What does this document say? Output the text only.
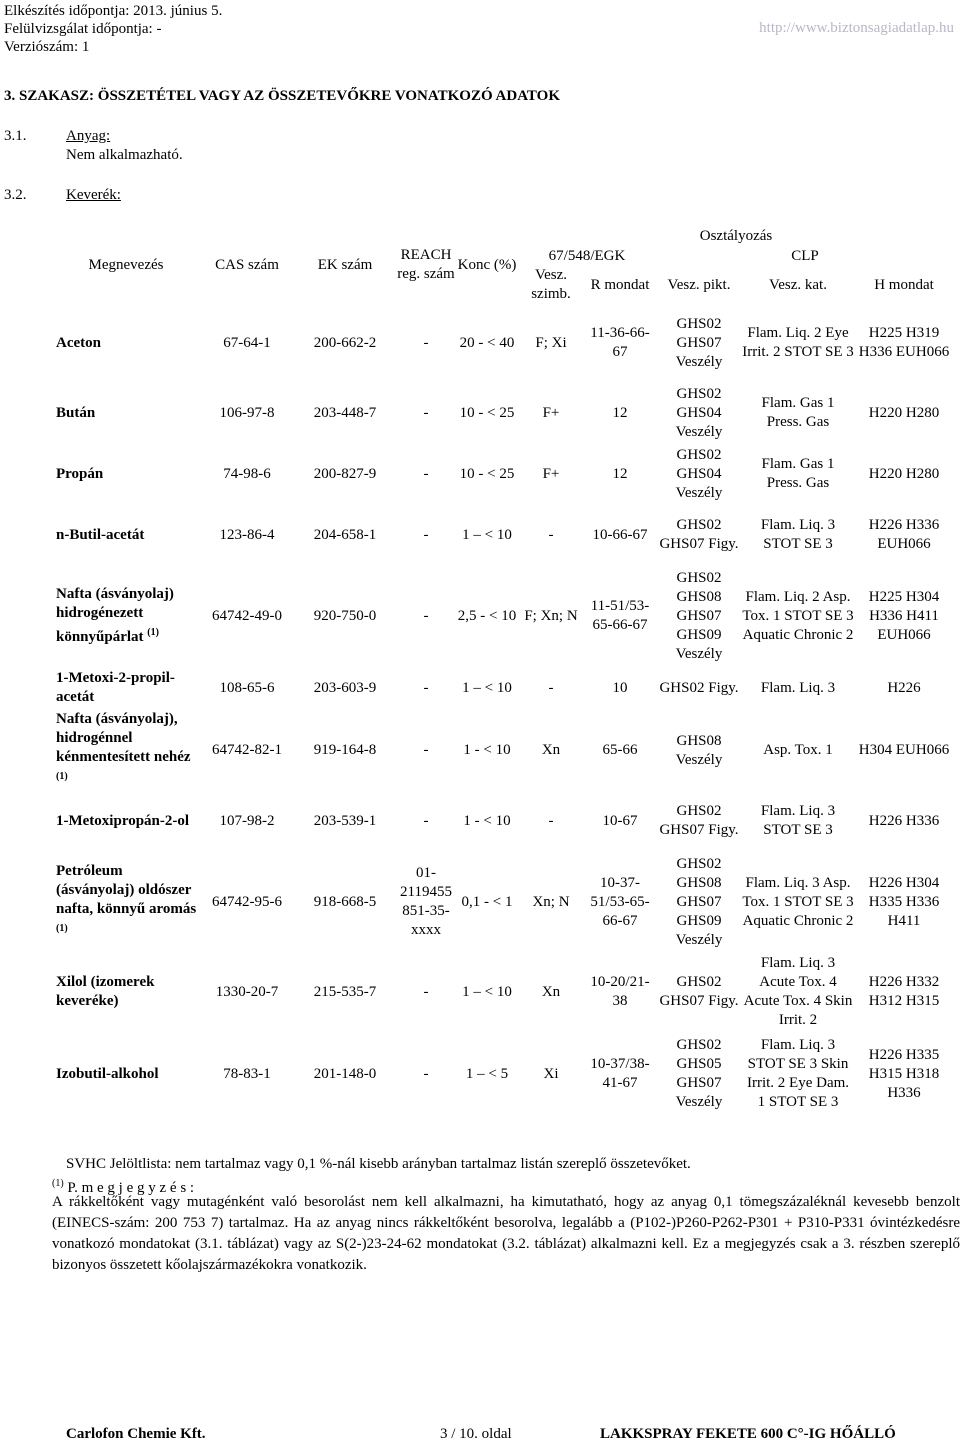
Elkészítés időpontja: 2013. június 5.
Felülvizsgálat időpontja: -
Verziószám: 1
http://www.biztonsagiadatlap.hu
3. SZAKASZ: ÖSSZETÉTEL VAGY AZ ÖSSZETEVŐKRE VONATKOZÓ ADATOK
3.1.	Anyag:
Nem alkalmazható.
3.2.	Keverék:
Megnevezés	CAS szám	EK szám	REACH reg. szám	Konc (%)	Osztályozás				
					67/548/EGK		CLP		
					Vesz. szimb.	R mondat	Vesz. pikt.	Vesz. kat.	H mondat
Aceton	67-64-1	200-662-2	-	20 - < 40	F; Xi	11-36-66-67	GHS02 GHS07 Veszély	Flam. Liq. 2 Eye Irrit. 2 STOT SE 3	H225 H319 H336 EUH066
Bután	106-97-8	203-448-7	-	10 - < 25	F+	12	GHS02 GHS04 Veszély	Flam. Gas 1 Press. Gas	H220 H280
Propán	74-98-6	200-827-9	-	10 - < 25	F+	12	GHS02 GHS04 Veszély	Flam. Gas 1 Press. Gas	H220 H280
n-Butil-acetát	123-86-4	204-658-1	-	1 – < 10	-	10-66-67	GHS02 GHS07 Figy.	Flam. Liq. 3 STOT SE 3	H226 H336 EUH066
Nafta (ásványolaj) hidrogénezett könnyűpárlat $^{(1)}$	64742-49-0	920-750-0	-	2,5 - < 10	F; Xn; N	11-51/53-65-66-67	GHS02 GHS08 GHS07 GHS09 Veszély	Flam. Liq. 2 Asp. Tox. 1 STOT SE 3 Aquatic Chronic 2	H225 H304 H336 H411 EUH066
1-Metoxi-2-propil-acetát	108-65-6	203-603-9	-	1 – < 10	-	10	GHS02 Figy.	Flam. Liq. 3	H226
Nafta (ásványolaj), hidrogénnel kénmentesített nehéz $^{(1)}$	64742-82-1	919-164-8	-	1 - < 10	Xn	65-66	GHS08 Veszély	Asp. Tox. 1	H304 EUH066
1-Metoxipropán-2-ol	107-98-2	203-539-1	-	1 - < 10	-	10-67	GHS02 GHS07 Figy.	Flam. Liq. 3 STOT SE 3	H226 H336
Petróleum (ásványolaj) oldószer nafta, könnyű aromás $^{(1)}$	64742-95-6	918-668-5	01-2119455 851-35-xxxx	0,1 - < 1	Xn; N	10-37-51/53-65-66-67	GHS02 GHS08 GHS07 GHS09 Veszély	Flam. Liq. 3 Asp. Tox. 1 STOT SE 3 Aquatic Chronic 2	H226 H304 H335 H336 H411
Xilol (izomerek keveréke)	1330-20-7	215-535-7	-	1 – < 10	Xn	10-20/21-38	GHS02 GHS07 Figy.	Flam. Liq. 3 Acute Tox. 4 Acute Tox. 4 Skin Irrit. 2	H226 H332 H312 H315
Izobutil-alkohol	78-83-1	201-148-0	-	1 – < 5	Xi	10-37/38-41-67	GHS02 GHS05 GHS07 Veszély	Flam. Liq. 3 STOT SE 3 Skin Irrit. 2 Eye Dam. 1 STOT SE 3	H226 H335 H315 H318 H336
SVHC Jelöltlista: nem tartalmaz vagy 0,1 %-nál kisebb arányban tartalmaz listán szereplő összetevőket.
$^{(1)}$ P. m e g j e g y z é s :
A rákkeltőként vagy mutagénként való besorolást nem kell alkalmazni, ha kimutatható, hogy az anyag 0,1 tömegszázaléknál kevesebb benzolt (EINECS-szám: 200 753 7) tartalmaz. Ha az anyag nincs rákkeltőként besorolva, legalább a (P102-)P260-P262-P301 + P310-P331 óvintézkedésre vonatkozó mondatokat (3.1. táblázat) vagy az S(2-)23-24-62 mondatokat (3.2. táblázat) alkalmazni kell. Ez a megjegyzés csak a 3. részben szereplő bizonyos összetett kőolajszármazékokra vonatkozik.
Carlofon Chemie Kft.	3 / 10. oldal	LAKKSPRAY FEKETE 600 C°-IG HŐÁLLÓ
